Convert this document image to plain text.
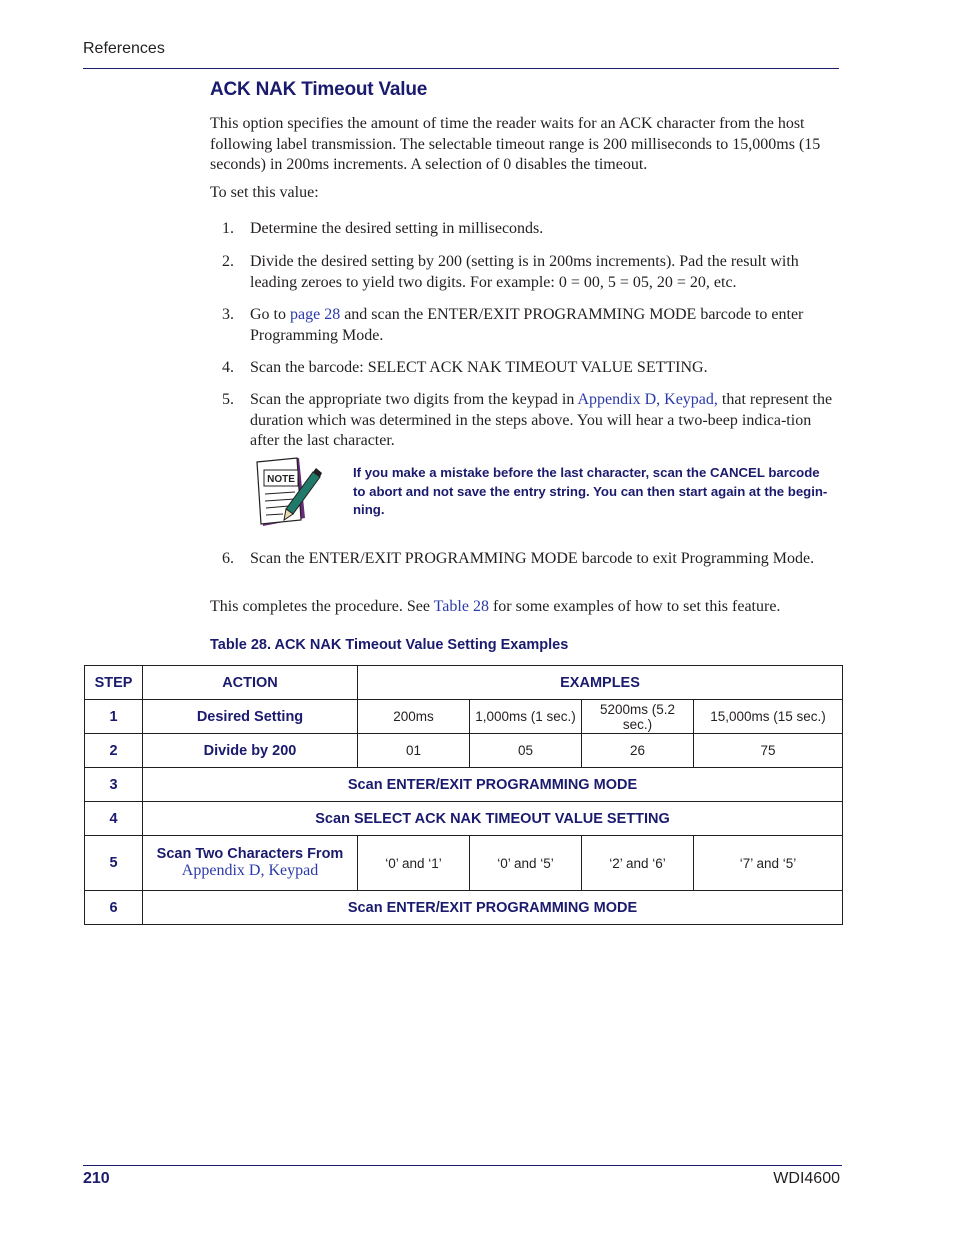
References
ACK NAK Timeout Value
This option specifies the amount of time the reader waits for an ACK character from the host following label transmission. The selectable timeout range is 200 milliseconds to 15,000ms (15 seconds) in 200ms increments. A selection of 0 disables the timeout.
To set this value:
1. Determine the desired setting in milliseconds.
2. Divide the desired setting by 200 (setting is in 200ms increments). Pad the result with leading zeroes to yield two digits. For example: 0 = 00, 5 = 05, 20 = 20, etc.
3. Go to page 28 and scan the ENTER/EXIT PROGRAMMING MODE barcode to enter Programming Mode.
4. Scan the barcode: SELECT ACK NAK TIMEOUT VALUE SETTING.
5. Scan the appropriate two digits from the keypad in Appendix D, Keypad, that represent the duration which was determined in the steps above. You will hear a two-beep indica-tion after the last character.
NOTE	If you make a mistake before the last character, scan the CANCEL barcode to abort and not save the entry string. You can then start again at the begin-ning.
6. Scan the ENTER/EXIT PROGRAMMING MODE barcode to exit Programming Mode.
This completes the procedure. See Table 28 for some examples of how to set this feature.
Table 28. ACK NAK Timeout Value Setting Examples
STEP	ACTION	EXAMPLES			
1	Desired Setting	200ms	1,000ms (1 sec.)	5200ms (5.2 sec.)	15,000ms (15 sec.)
2	Divide by 200	01	05	26	75
3	Scan ENTER/EXIT PROGRAMMING MODE				
4	Scan SELECT ACK NAK TIMEOUT VALUE SETTING				
5	Scan Two Characters From
Appendix D, Keypad	‘0’ and ‘1’	‘0’ and ‘5’	‘2’ and ‘6’	‘7’ and ‘5’
6	Scan ENTER/EXIT PROGRAMMING MODE				
210	WDI4600
